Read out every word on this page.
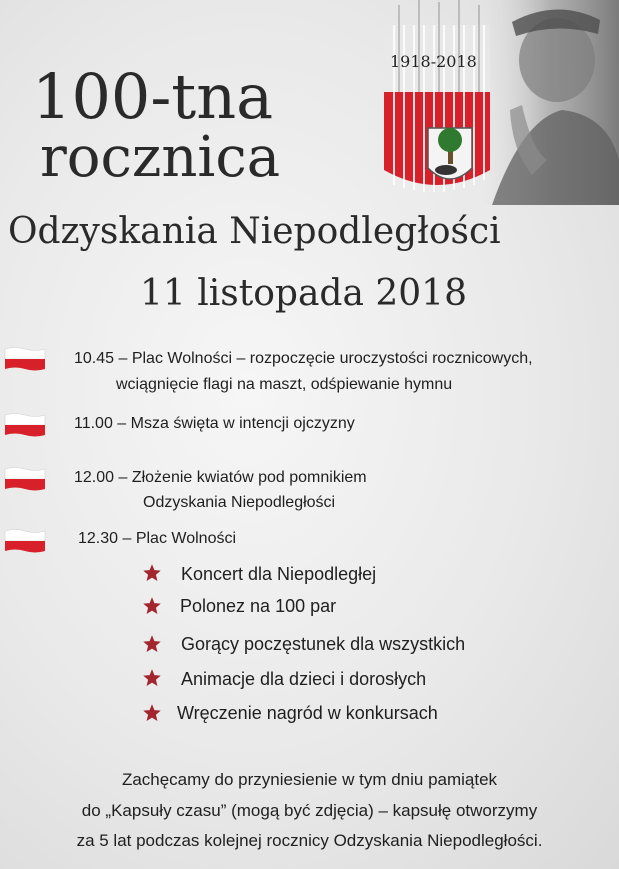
100-tna
rocznica
Odzyskania Niepodległości
11 listopada 2018
1918-2018
10.45 – Plac Wolności – rozpoczęcie uroczystości rocznicowych,
wciągnięcie flagi na maszt, odśpiewanie hymnu
11.00 – Msza święta w intencji ojczyzny
12.00 – Złożenie kwiatów pod pomnikiem
Odzyskania Niepodległości
12.30 – Plac Wolności
Koncert dla Niepodległej
Polonez na 100 par
Gorący poczęstunek dla wszystkich
Animacje dla dzieci i dorosłych
Wręczenie nagród w konkursach
Zachęcamy do przyniesienie w tym dniu pamiątek
do „Kapsuły czasu” (mogą być zdjęcia) – kapsułę otworzymy
za 5 lat podczas kolejnej rocznicy Odzyskania Niepodległości.
